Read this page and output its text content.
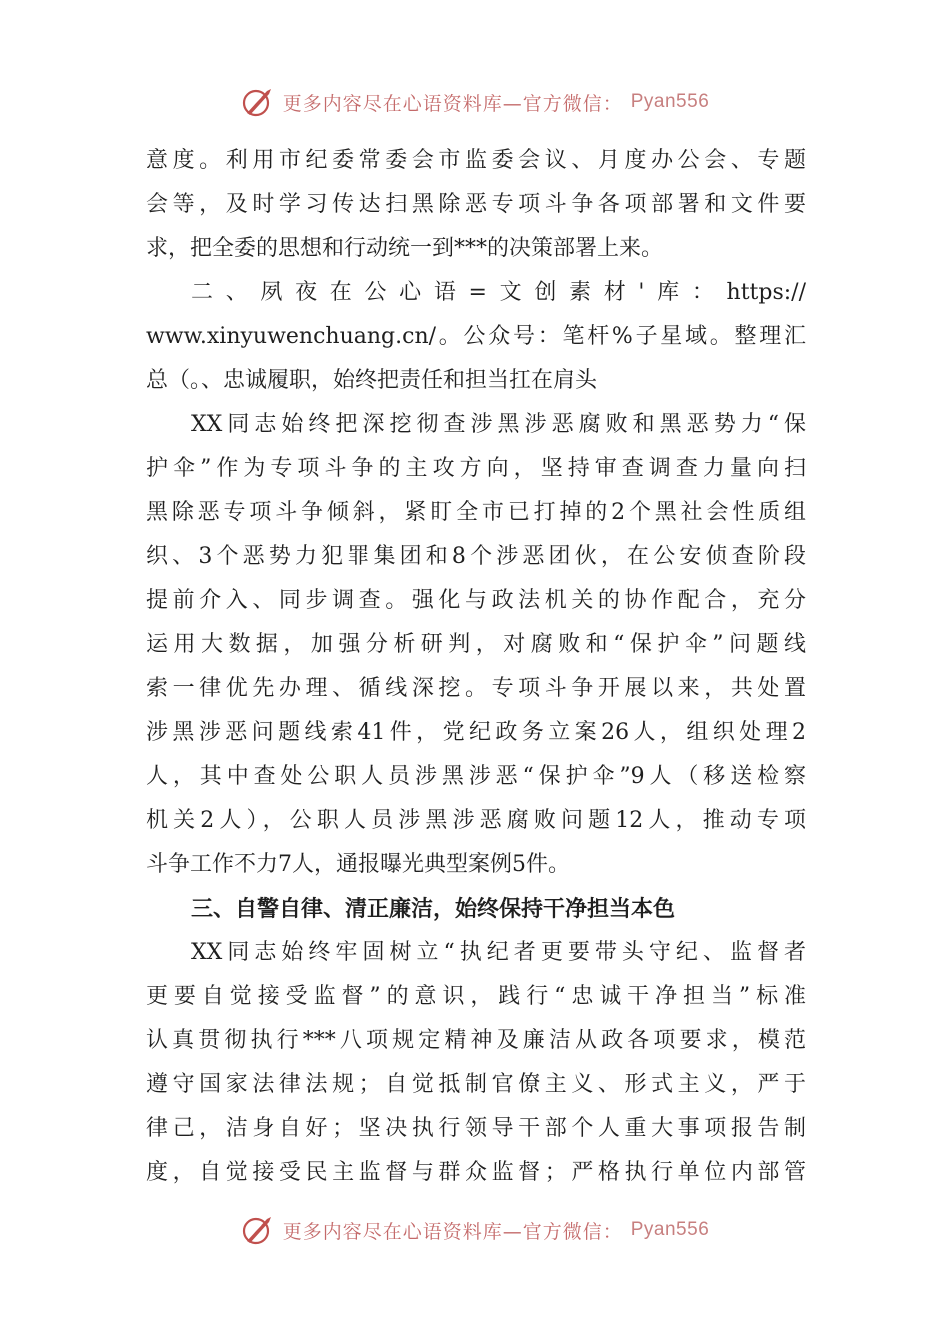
更多内容尽在心语资料库—官方微信： Pyan556
意度。利用市纪委常委会市监委会议、月度办公会、专题
会等，及时学习传达扫黑除恶专项斗争各项部署和文件要
求，把全委的思想和行动统一到***的决策部署上来。
二、夙夜在公心语=文创素材'库：https://
www.xinyuwenchuang.cn/。公众号：笔杆%子星域。整理汇
总（。、忠诚履职，始终把责任和担当扛在肩头
XX同志始终把深挖彻查涉黑涉恶腐败和黑恶势力“保
护伞”作为专项斗争的主攻方向，坚持审查调查力量向扫
黑除恶专项斗争倾斜，紧盯全市已打掉的2个黑社会性质组
织、3个恶势力犯罪集团和8个涉恶团伙，在公安侦查阶段
提前介入、同步调查。强化与政法机关的协作配合，充分
运用大数据，加强分析研判，对腐败和“保护伞”问题线
索一律优先办理、循线深挖。专项斗争开展以来，共处置
涉黑涉恶问题线索41件，党纪政务立案26人，组织处理2
人，其中查处公职人员涉黑涉恶“保护伞”9人（移送检察
机关2人），公职人员涉黑涉恶腐败问题12人，推动专项
斗争工作不力7人，通报曝光典型案例5件。
三、自警自律、清正廉洁，始终保持干净担当本色
XX同志始终牢固树立“执纪者更要带头守纪、监督者
更要自觉接受监督”的意识，践行“忠诚干净担当”标准
认真贯彻执行***八项规定精神及廉洁从政各项要求，模范
遵守国家法律法规；自觉抵制官僚主义、形式主义，严于
律己，洁身自好；坚决执行领导干部个人重大事项报告制
度，自觉接受民主监督与群众监督；严格执行单位内部管
更多内容尽在心语资料库—官方微信： Pyan556
